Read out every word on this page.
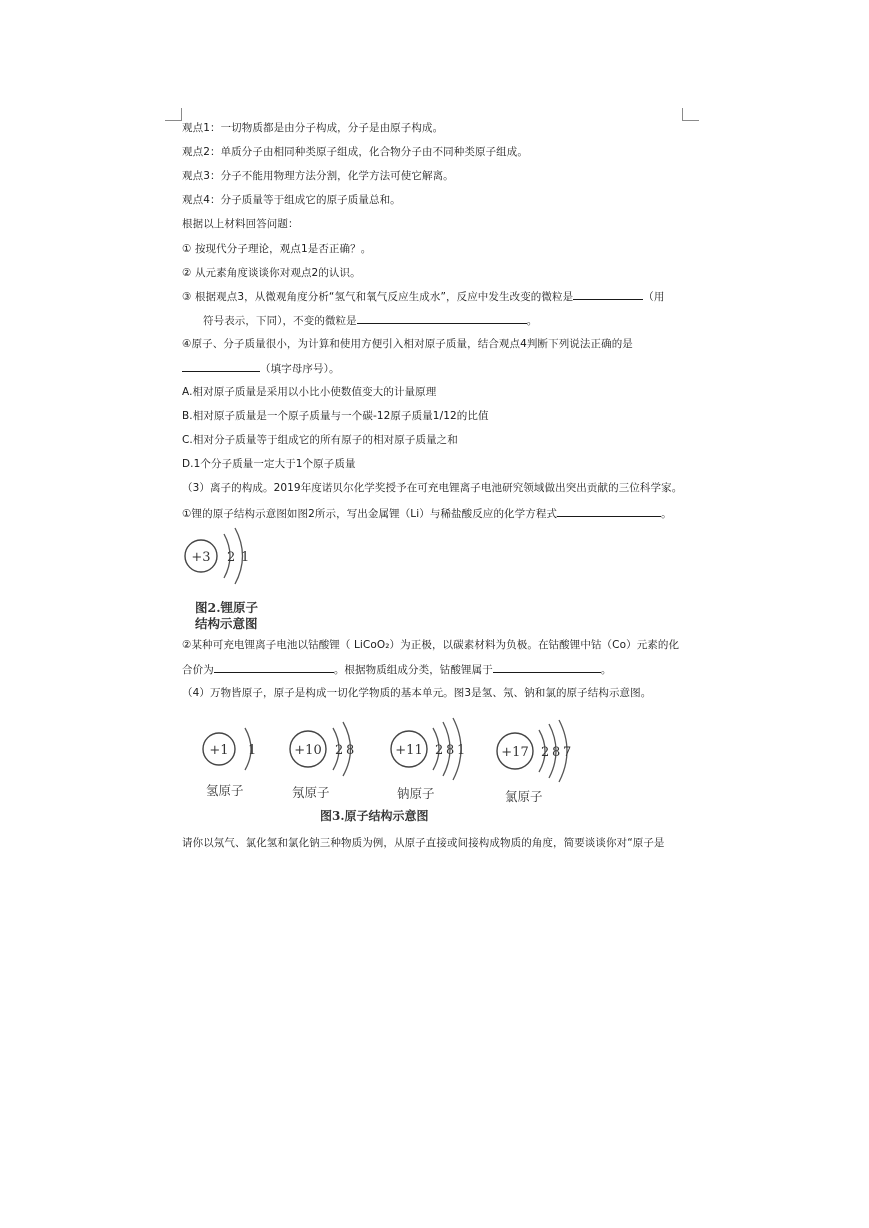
观点1：一切物质都是由分子构成，分子是由原子构成。
观点2：单质分子由相同种类原子组成，化合物分子由不同种类原子组成。
观点3：分子不能用物理方法分割，化学方法可使它解离。
观点4：分子质量等于组成它的原子质量总和。
根据以上材料回答问题：
① 按现代分子理论，观点1是否正确？。
② 从元素角度谈谈你对观点2的认识。
③ 根据观点3，从微观角度分析“氢气和氧气反应生成水”，反应中发生改变的微粒是	（用
符号表示，下同），不变的微粒是	。
④原子、分子质量很小，为计算和使用方便引入相对原子质量，结合观点4判断下列说法正确的是
（填字母序号）。
A.相对原子质量是采用以小比小使数值变大的计量原理
B.相对原子质量是一个原子质量与一个碳-12原子质量1/12的比值
C.相对分子质量等于组成它的所有原子的相对原子质量之和
D.1个分子质量一定大于1个原子质量
（3）离子的构成。2019年度诺贝尔化学奖授予在可充电锂离子电池研究领域做出突出贡献的三位科学家。
①锂的原子结构示意图如图2所示，写出金属锂（Li）与稀盐酸反应的化学方程式	。
+3 2 1
图2.锂原子
结构示意图
②某种可充电锂离子电池以钴酸锂（ LiCoO₂）为正极，以碳素材料为负极。在钴酸锂中钴（Co）元素的化
合价为	。根据物质组成分类，钴酸锂属于	。
（4）万物皆原子，原子是构成一切化学物质的基本单元。图3是氢、氖、钠和氯的原子结构示意图。
+1 1	+10 2 8	+11 2 8 1	+17 2 8 7
氢原子	氖原子	钠原子	氯原子
图3.原子结构示意图
请你以氖气、氯化氢和氯化钠三种物质为例，从原子直接或间接构成物质的角度，简要谈谈你对“原子是
